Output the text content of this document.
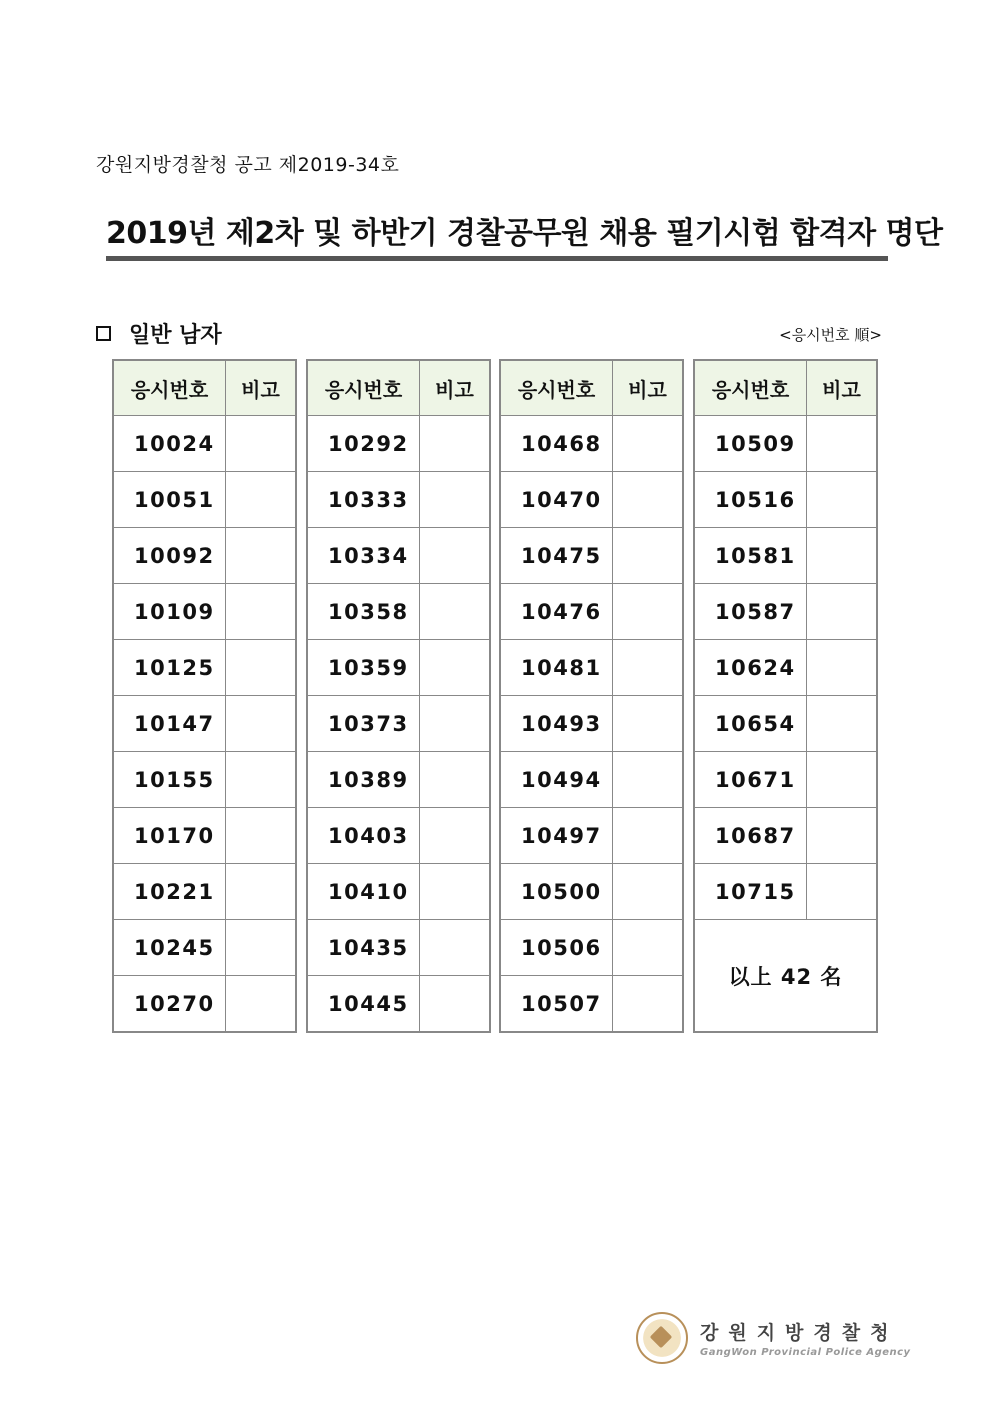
강원지방경찰청 공고 제2019-34호
2019년 제2차 및 하반기 경찰공무원 채용 필기시험 합격자 명단
일반 남자	<응시번호 順>
응시번호	비고
10024	
10051	
10092	
10109	
10125	
10147	
10155	
10170	
10221	
10245	
10270	
응시번호	비고
10292	
10333	
10334	
10358	
10359	
10373	
10389	
10403	
10410	
10435	
10445	
응시번호	비고
10468	
10470	
10475	
10476	
10481	
10493	
10494	
10497	
10500	
10506	
10507	
응시번호	비고
10509	
10516	
10581	
10587	
10624	
10654	
10671	
10687	
10715	
以上 42 名	

강원지방경찰청
GangWon Provincial Police Agency
